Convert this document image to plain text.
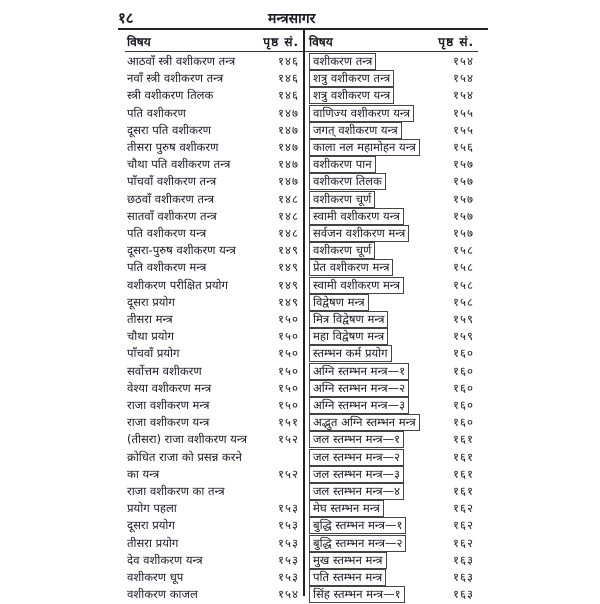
१८	मन्त्रसागर
विषय	पृष्ठ सं.
आठवाँ स्त्री वशीकरण तन्त्र	१४६
नवाँ स्त्री वशीकरण तन्त्र	१४६
स्त्री वशीकरण तिलक	१४६
पति वशीकरण	१४७
दूसरा पति वशीकरण	१४७
तीसरा पुरुष वशीकरण	१४७
चौथा पति वशीकरण तन्त्र	१४७
पाँचवाँ वशीकरण तन्त्र	१४७
छठवाँ वशीकरण तन्त्र	१४८
सातवाँ वशीकरण तन्त्र	१४८
पति वशीकरण यन्त्र	१४८
दूसरा-पुरुष वशीकरण यन्त्र	१४९
पति वशीकरण मन्त्र	१४९
वशीकरण परीक्षित प्रयोग	१४९
दूसरा प्रयोग	१४९
तीसरा मन्त्र	१५०
चौथा प्रयोग	१५०
पाँचवाँ प्रयोग	१५०
सर्वोत्तम वशीकरण	१५०
वेश्या वशीकरण मन्त्र	१५०
राजा वशीकरण मन्त्र	१५०
राजा वशीकरण यन्त्र	१५१
(तीसरा) राजा वशीकरण यन्त्र	१५२
क्रोधित राजा को प्रसन्न करने
का यन्त्र	१५२
राजा वशीकरण का तन्त्र
प्रयोग पहला	१५३
दूसरा प्रयोग	१५३
तीसरा प्रयोग	१५३
देव वशीकरण यन्त्र	१५३
वशीकरण धूप	१५३
वशीकरण काजल	१५४
विषय	पृष्ठ सं.
वशीकरण तन्त्र	१५४
शत्रु वशीकरण तन्त्र	१५४
शत्रु वशीकरण यन्त्र	१५४
वाणिज्य वशीकरण यन्त्र	१५५
जगत् वशीकरण यन्त्र	१५५
काला नल महामोहन यन्त्र	१५६
वशीकरण पान	१५७
वशीकरण तिलक	१५७
वशीकरण चूर्ण	१५७
स्वामी वशीकरण यन्त्र	१५७
सर्वजन वशीकरण मन्त्र	१५७
वशीकरण चूर्ण	१५८
प्रेत वशीकरण मन्त्र	१५८
स्वामी वशीकरण मन्त्र	१५८
विद्वेषण मन्त्र	१५८
मित्र विद्वेषण मन्त्र	१५९
महा विद्वेषण मन्त्र	१५९
स्तम्भन कर्म प्रयोग	१६०
अग्नि स्तम्भन मन्त्र—१	१६०
अग्नि स्तम्भन मन्त्र—२	१६०
अग्नि स्तम्भन मन्त्र—३	१६०
अद्भुत अग्नि स्तम्भन मन्त्र	१६०
जल स्तम्भन मन्त्र—१	१६१
जल स्तम्भन मन्त्र—२	१६१
जल स्तम्भन मन्त्र—३	१६१
जल स्तम्भन मन्त्र—४	१६१
मेघ स्तम्भन मन्त्र	१६२
बुद्धि स्तम्भन मन्त्र—१	१६२
बुद्धि स्तम्भन मन्त्र—२	१६२
मुख स्तम्भन मन्त्र	१६३
पति स्तम्भन मन्त्र	१६३
सिंह स्तम्भन मन्त्र—१	१६३
